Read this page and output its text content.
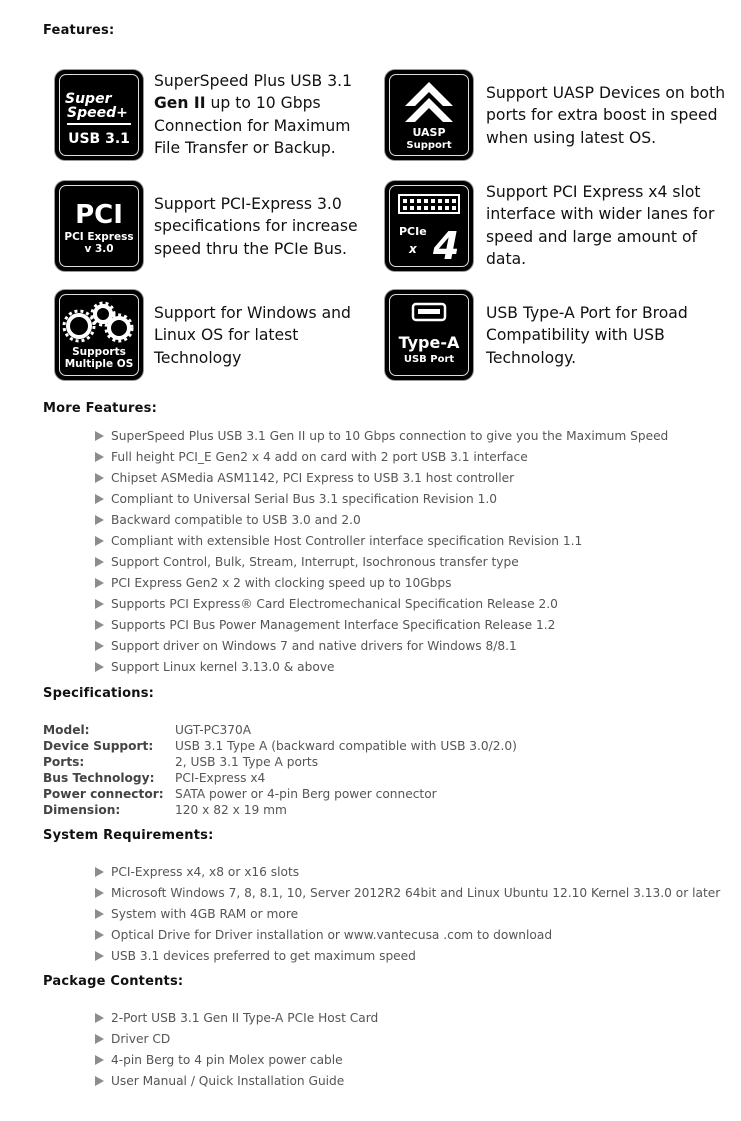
Features:
Super
Speed+
USB 3.1

SuperSpeed Plus USB 3.1
Gen II up to 10 Gbps
Connection for Maximum
File Transfer or Backup.

UASP
Support

Support UASP Devices on both
ports for extra boost in speed
when using latest OS.

PCI
PCI Express
v 3.0

Support PCI-Express 3.0
specifications for increase
speed thru the PCIe Bus.

PCIe
x 4

Support PCI Express x4 slot
interface with wider lanes for
speed and large amount of
data.

Supports
Multiple OS

Support for Windows and
Linux OS for latest
Technology

Type-A
USB Port

USB Type-A Port for Broad
Compatibility with USB
Technology.

More Features:
SuperSpeed Plus USB 3.1 Gen II up to 10 Gbps connection to give you the Maximum Speed
Full height PCI_E Gen2 x 4 add on card with 2 port USB 3.1 interface
Chipset ASMedia ASM1142, PCI Express to USB 3.1 host controller
Compliant to Universal Serial Bus 3.1 specification Revision 1.0
Backward compatible to USB 3.0 and 2.0
Compliant with extensible Host Controller interface specification Revision 1.1
Support Control, Bulk, Stream, Interrupt, Isochronous transfer type
PCI Express Gen2 x 2 with clocking speed up to 10Gbps
Supports PCI Express® Card Electromechanical Specification Release 2.0
Supports PCI Bus Power Management Interface Specification Release 1.2
Support driver on Windows 7 and native drivers for Windows 8/8.1
Support Linux kernel 3.13.0 & above
Specifications:
Model:	UGT-PC370A
Device Support:	USB 3.1 Type A (backward compatible with USB 3.0/2.0)
Ports:	2, USB 3.1 Type A ports
Bus Technology:	PCI-Express x4
Power connector:	SATA power or 4-pin Berg power connector
Dimension:	120 x 82 x 19 mm
System Requirements:
PCI-Express x4, x8 or x16 slots
Microsoft Windows 7, 8, 8.1, 10, Server 2012R2 64bit and Linux Ubuntu 12.10 Kernel 3.13.0 or later
System with 4GB RAM or more
Optical Drive for Driver installation or www.vantecusa .com to download
USB 3.1 devices preferred to get maximum speed
Package Contents:
2-Port USB 3.1 Gen II Type-A PCIe Host Card
Driver CD
4-pin Berg to 4 pin Molex power cable
User Manual / Quick Installation Guide
